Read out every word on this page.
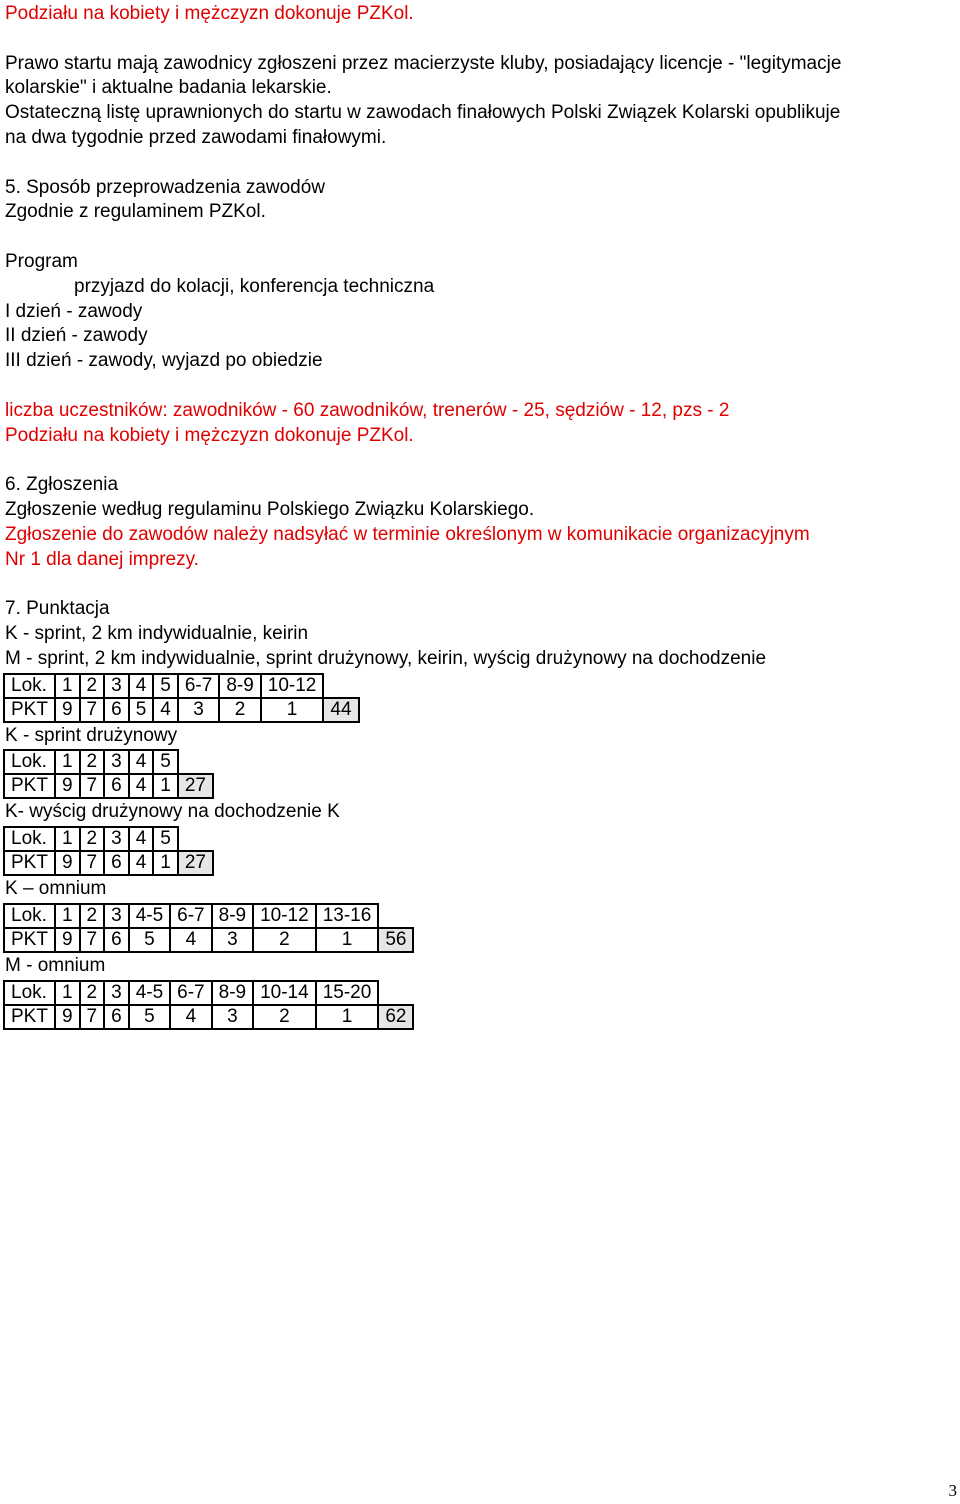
Podziału na kobiety i mężczyzn dokonuje PZKol.
Prawo startu mają zawodnicy zgłoszeni przez macierzyste kluby, posiadający licencje - "legitymacje
kolarskie" i aktualne badania lekarskie.
Ostateczną listę uprawnionych do startu w zawodach finałowych Polski Związek Kolarski opublikuje
na dwa tygodnie przed zawodami finałowymi.
5. Sposób przeprowadzenia zawodów
Zgodnie z regulaminem PZKol.
Program
przyjazd do kolacji, konferencja techniczna
I dzień - zawody
II dzień - zawody
III dzień - zawody, wyjazd po obiedzie
liczba uczestników: zawodników - 60 zawodników, trenerów - 25, sędziów - 12, pzs - 2
Podziału na kobiety i mężczyzn dokonuje PZKol.
6. Zgłoszenia
Zgłoszenie według regulaminu Polskiego Związku Kolarskiego.
Zgłoszenie do zawodów należy nadsyłać w terminie określonym w komunikacie organizacyjnym
Nr 1 dla danej imprezy.
7. Punktacja
K - sprint, 2 km indywidualnie, keirin
M - sprint, 2 km indywidualnie, sprint drużynowy, keirin, wyścig drużynowy na dochodzenie
Lok.	1	2	3	4	5	6-7	8-9	10-12	
PKT	9	7	6	5	4	3	2	1	44
K - sprint drużynowy
Lok.	1	2	3	4	5	
PKT	9	7	6	4	1	27
K- wyścig drużynowy na dochodzenie K
Lok.	1	2	3	4	5	
PKT	9	7	6	4	1	27
K – omnium
Lok.	1	2	3	4-5	6-7	8-9	10-12	13-16	
PKT	9	7	6	5	4	3	2	1	56
M - omnium
Lok.	1	2	3	4-5	6-7	8-9	10-14	15-20	
PKT	9	7	6	5	4	3	2	1	62
3
